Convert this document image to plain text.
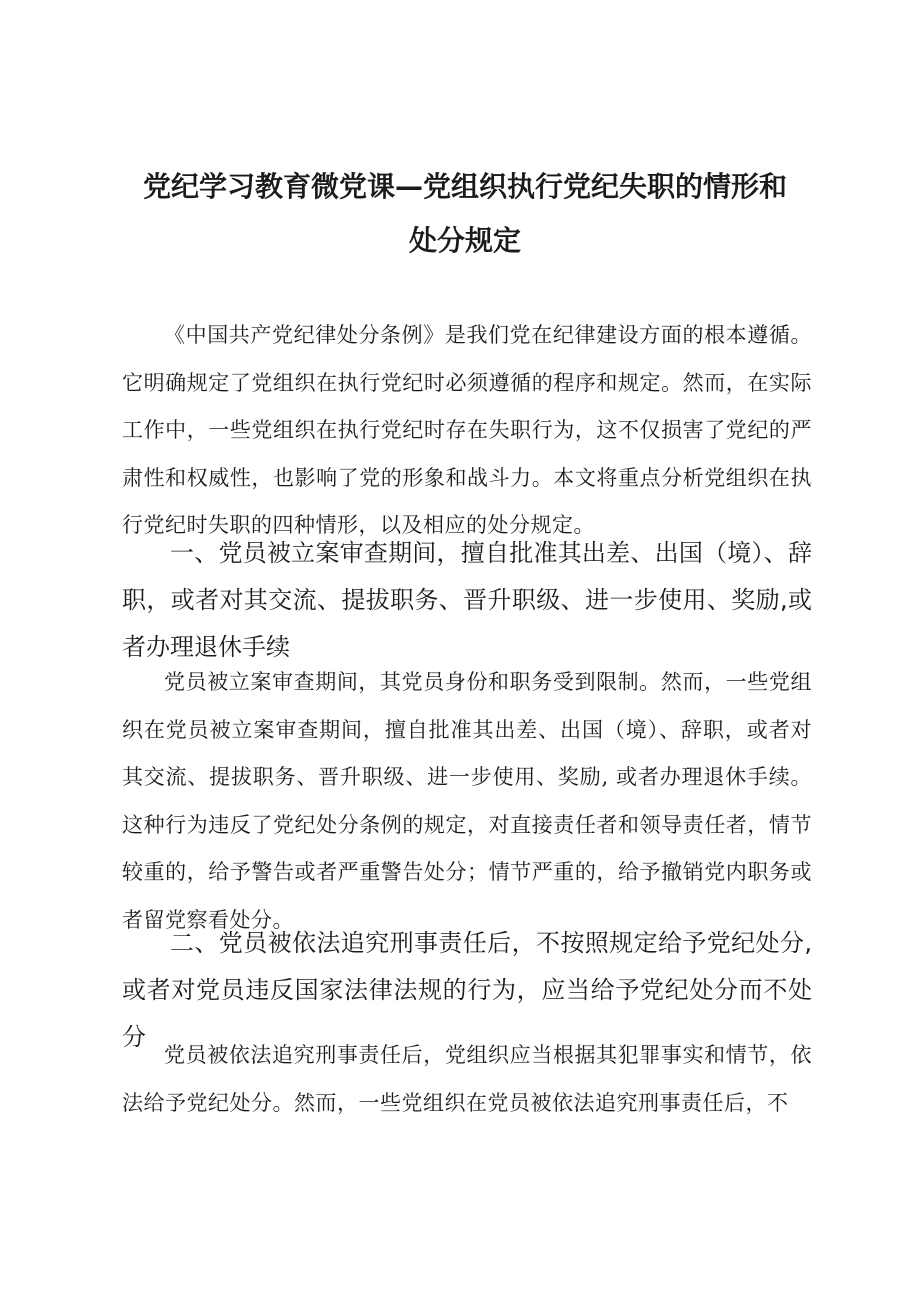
党纪学习教育微党课—党组织执行党纪失职的情形和
处分规定

《中国共产党纪律处分条例》是我们党在纪律建设方面的根本遵循。它明确规定了党组织在执行党纪时必须遵循的程序和规定。然而，在实际工作中，一些党组织在执行党纪时存在失职行为，这不仅损害了党纪的严肃性和权威性，也影响了党的形象和战斗力。本文将重点分析党组织在执行党纪时失职的四种情形，以及相应的处分规定。

一、党员被立案审查期间，擅自批准其出差、出国（境）、辞职，或者对其交流、提拔职务、晋升职级、进一步使用、奖励,或者办理退休手续

党员被立案审查期间，其党员身份和职务受到限制。然而，一些党组织在党员被立案审查期间，擅自批准其出差、出国（境）、辞职，或者对其交流、提拔职务、晋升职级、进一步使用、奖励, 或者办理退休手续。这种行为违反了党纪处分条例的规定，对直接责任者和领导责任者，情节较重的，给予警告或者严重警告处分；情节严重的，给予撤销党内职务或者留党察看处分。

二、党员被依法追究刑事责任后，不按照规定给予党纪处分,或者对党员违反国家法律法规的行为，应当给予党纪处分而不处分

党员被依法追究刑事责任后，党组织应当根据其犯罪事实和情节，依法给予党纪处分。然而，一些党组织在党员被依法追究刑事责任后，不
